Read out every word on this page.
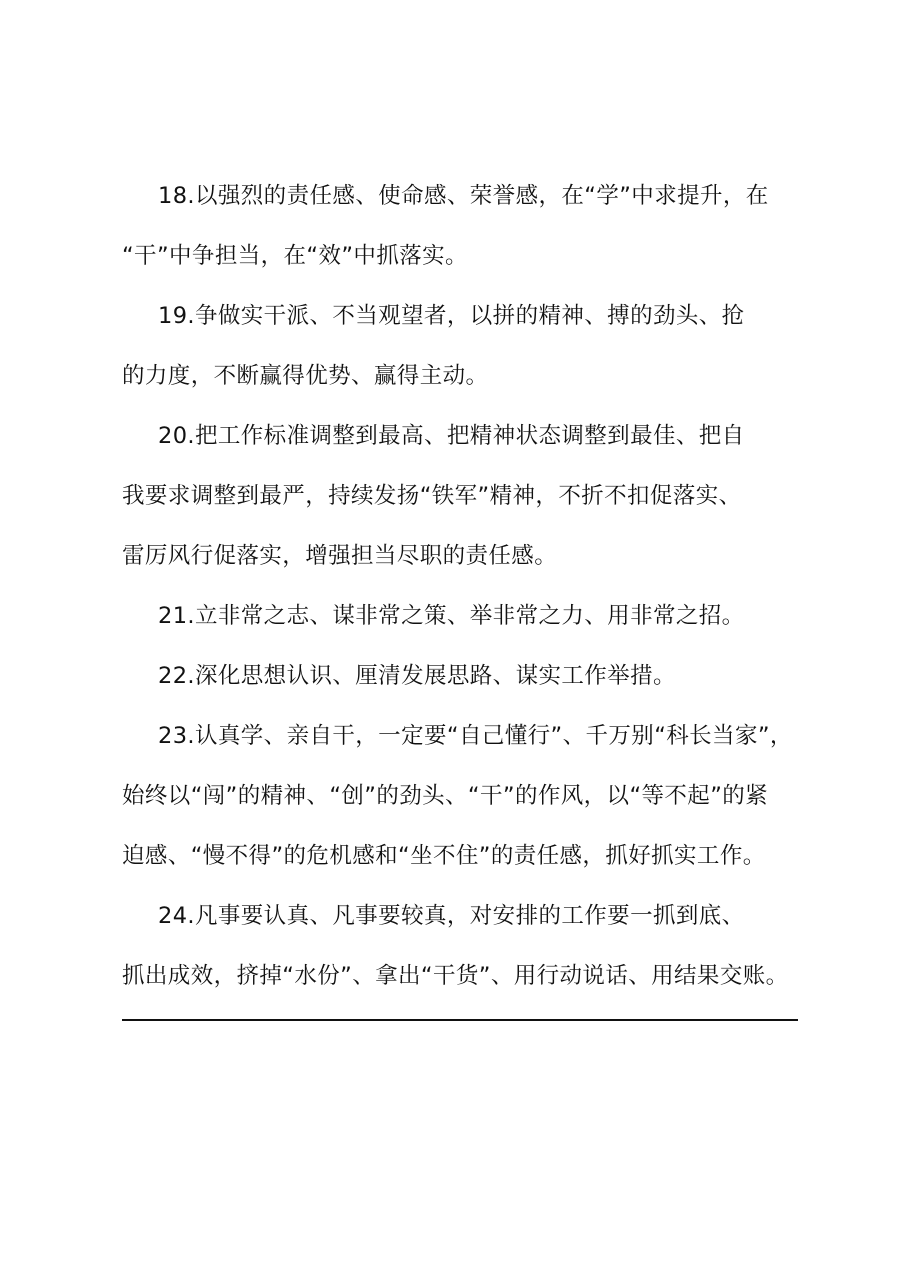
18.以强烈的责任感、使命感、荣誉感，在“学”中求提升，在
“干”中争担当，在“效”中抓落实。
19.争做实干派、不当观望者，以拼的精神、搏的劲头、抢
的力度，不断赢得优势、赢得主动。
20.把工作标准调整到最高、把精神状态调整到最佳、把自
我要求调整到最严，持续发扬“铁军”精神，不折不扣促落实、
雷厉风行促落实，增强担当尽职的责任感。
21.立非常之志、谋非常之策、举非常之力、用非常之招。
22.深化思想认识、厘清发展思路、谋实工作举措。
23.认真学、亲自干，一定要“自己懂行”、千万别“科长当家”，
始终以“闯”的精神、“创”的劲头、“干”的作风，以“等不起”的紧
迫感、“慢不得”的危机感和“坐不住”的责任感，抓好抓实工作。
24.凡事要认真、凡事要较真，对安排的工作要一抓到底、
抓出成效，挤掉“水份”、拿出“干货”、用行动说话、用结果交账。
